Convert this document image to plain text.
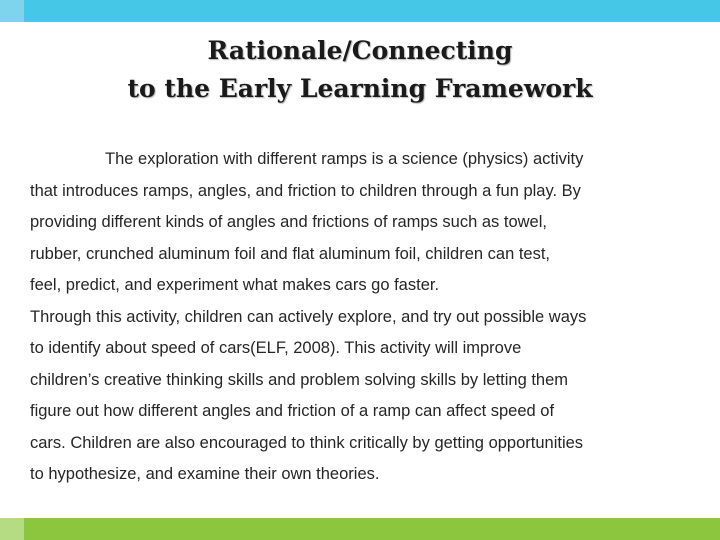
Rationale/Connecting
to the Early Learning Framework
The exploration with different ramps is a science (physics) activity
that introduces ramps, angles, and friction to children through a fun play. By
providing different kinds of angles and frictions of ramps such as towel,
rubber, crunched aluminum foil and flat aluminum foil, children can test,
feel, predict, and experiment what makes cars go faster.
Through this activity, children can actively explore, and try out possible ways
to identify about speed of cars(ELF, 2008). This activity will improve
children’s creative thinking skills and problem solving skills by letting them
figure out how different angles and friction of a ramp can affect speed of
cars. Children are also encouraged to think critically by getting opportunities
to hypothesize, and examine their own theories.
